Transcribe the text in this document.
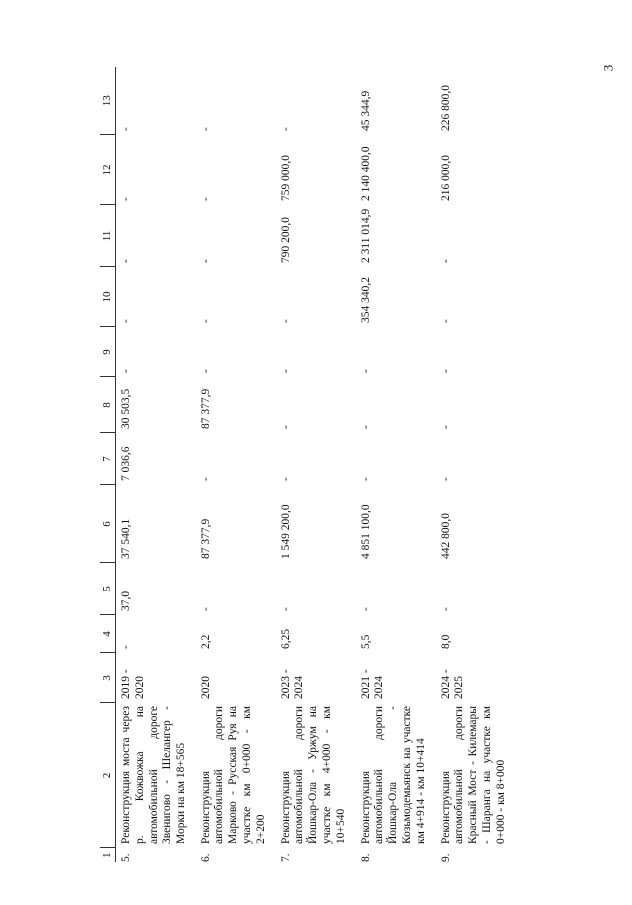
3
1	2	3	4	5	6	7	8	9	10	11	12	13
5.	Реконструкция моста через р. Кожвожка на автомобильной дороге Звенигово - Шелангер - Морки на км 18+565	2019 - 2020	-	37,0	37 540,1	7 036,6	30 503,5	-	-	-	-	-
6.	Реконструкция автомобильной дороги Марково - Русская Руя на участке км 0+000 - км 2+200	2020	2,2	-	87 377,9	-	87 377,9	-	-	-	-	-
7.	Реконструкция автомобильной дороги Йошкар-Ола - Уржум на участке км 4+000 - км 10+540	2023 - 2024	6,25	-	1 549 200,0	-	-	-	-	790 200,0	759 000,0	-
8.	Реконструкция автомобильной дороги Йошкар-Ола - Козьмодемьянск на участке км 4+914 - км 10+414	2021 - 2024	5,5	-	4 851 100,0	-	-	-	354 340,2	2 311 014,9	2 140 400,0	45 344,9
9.	Реконструкция автомобильной дороги Красный Мост - Килемары - Шаранга на участке км 0+000 - км 8+000	2024 - 2025	8,0	-	442 800,0	-	-	-	-	-	216 000,0	226 800,0
